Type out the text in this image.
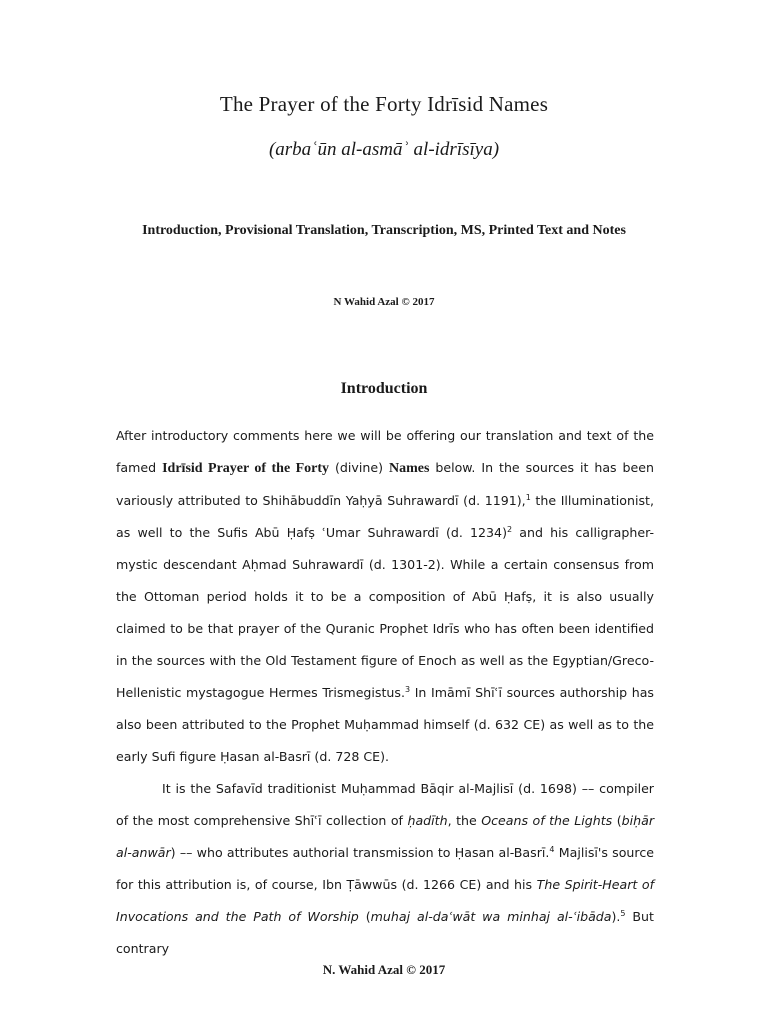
The Prayer of the Forty Idrīsid Names
(arbaʿūn al-asmāʾ al-idrīsīya)
Introduction, Provisional Translation, Transcription, MS, Printed Text and Notes
N Wahid Azal © 2017
Introduction

After introductory comments here we will be offering our translation and text of the famed Idrīsid Prayer of the Forty (divine) Names below. In the sources it has been variously attributed to Shihābuddīn Yaḥyā Suhrawardī (d. 1191),$^1$ the Illuminationist, as well to the Sufis Abū Ḥafṣ ʿUmar Suhrawardī (d. 1234)$^2$ and his calligrapher-mystic descendant Aḥmad Suhrawardī (d. 1301-2). While a certain consensus from the Ottoman period holds it to be a composition of Abū Ḥafṣ, it is also usually claimed to be that prayer of the Quranic Prophet Idrīs who has often been identified in the sources with the Old Testament figure of Enoch as well as the Egyptian/Greco-Hellenistic mystagogue Hermes Trismegistus.$^3$ In Imāmī Shīʿī sources authorship has also been attributed to the Prophet Muḥammad himself (d. 632 CE) as well as to the early Sufi figure Ḥasan al-Basrī (d. 728 CE).

It is the Safavīd traditionist Muḥammad Bāqir al-Majlisī (d. 1698) –– compiler of the most comprehensive Shīʿī collection of ḥadīth, the Oceans of the Lights (biḥār al-anwār) –– who attributes authorial transmission to Ḥasan al-Basrī.$^4$ Majlisī's source for this attribution is, of course, Ibn Ṭāwwūs (d. 1266 CE) and his The Spirit-Heart of Invocations and the Path of Worship (muhaj al-daʿwāt wa minhaj al-ʿibāda).$^5$ But contrary

N. Wahid Azal © 2017
